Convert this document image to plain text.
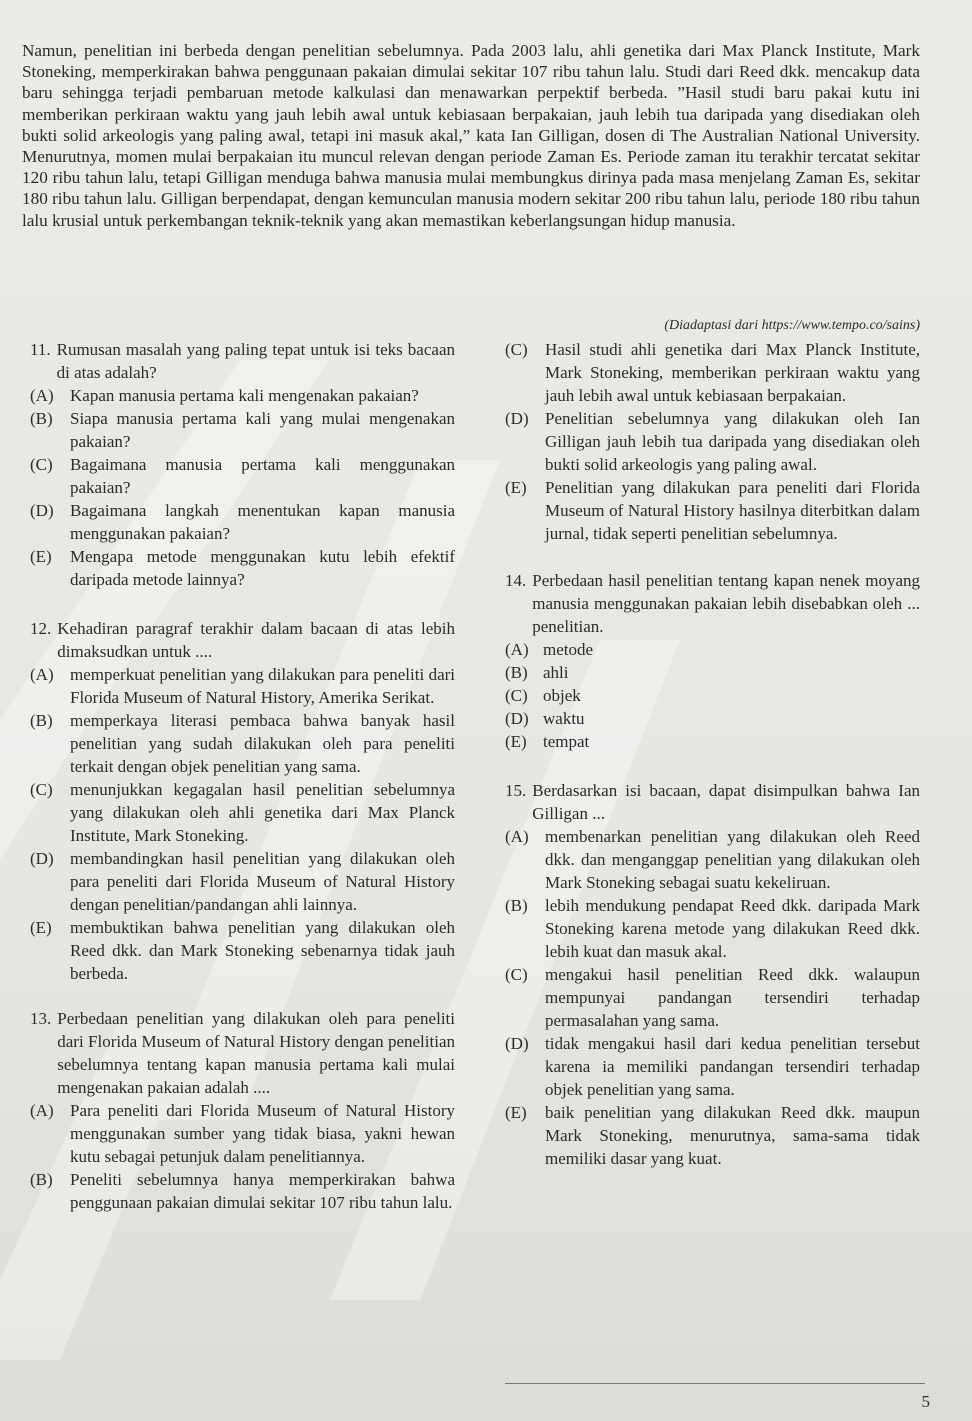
Namun, penelitian ini berbeda dengan penelitian sebelumnya. Pada 2003 lalu, ahli genetika dari Max Planck Institute, Mark Stoneking, memperkirakan bahwa penggunaan pakaian dimulai sekitar 107 ribu tahun lalu. Studi dari Reed dkk. mencakup data baru sehingga terjadi pembaruan metode kalkulasi dan menawarkan perpektif berbeda. ”Hasil studi baru pakai kutu ini memberikan perkiraan waktu yang jauh lebih awal untuk kebiasaan berpakaian, jauh lebih tua daripada yang disediakan oleh bukti solid arkeologis yang paling awal, tetapi ini masuk akal,” kata Ian Gilligan, dosen di The Australian National University. Menurutnya, momen mulai berpakaian itu muncul relevan dengan periode Zaman Es. Periode zaman itu terakhir tercatat sekitar 120 ribu tahun lalu, tetapi Gilligan menduga bahwa manusia mulai membungkus dirinya pada masa menjelang Zaman Es, sekitar 180 ribu tahun lalu. Gilligan berpendapat, dengan kemunculan manusia modern sekitar 200 ribu tahun lalu, periode 180 ribu tahun lalu krusial untuk perkembangan teknik-teknik yang akan memastikan keberlangsungan hidup manusia.

(Diadaptasi dari https://www.tempo.co/sains)
11. Rumusan masalah yang paling tepat untuk isi teks bacaan di atas adalah?
(A) Kapan manusia pertama kali mengenakan pakaian?
(B)	Siapa manusia pertama kali yang mulai mengenakan pakaian?
(C)	Bagaimana manusia pertama kali menggunakan pakaian?
(D) Bagaimana langkah menentukan kapan manusia menggunakan pakaian?
(E)	Mengapa metode menggunakan kutu lebih efektif daripada metode lainnya?
12. Kehadiran paragraf terakhir dalam bacaan di atas lebih dimaksudkan untuk ....
(A) memperkuat penelitian yang dilakukan para peneliti dari Florida Museum of Natural History, Amerika Serikat.
(B)	memperkaya literasi pembaca bahwa banyak hasil penelitian yang sudah dilakukan oleh para peneliti terkait dengan objek penelitian yang sama.
(C)	menunjukkan kegagalan hasil penelitian sebelumnya yang dilakukan oleh ahli genetika dari Max Planck Institute, Mark Stoneking.
(D) membandingkan hasil penelitian yang dilakukan oleh para peneliti dari Florida Museum of Natural History dengan penelitian/pandangan ahli lainnya.
(E)	membuktikan bahwa penelitian yang dilakukan oleh Reed dkk. dan Mark Stoneking sebenarnya tidak jauh berbeda.
13. Perbedaan penelitian yang dilakukan oleh para peneliti dari Florida Museum of Natural History dengan penelitian sebelumnya tentang kapan manusia pertama kali mulai mengenakan pakaian adalah ....
(A) Para peneliti dari Florida Museum of Natural History menggunakan sumber yang tidak biasa, yakni hewan kutu sebagai petunjuk dalam penelitiannya.
(B)	Peneliti sebelumnya hanya memperkirakan bahwa penggunaan pakaian dimulai sekitar 107 ribu tahun lalu.
(C)	Hasil studi ahli genetika dari Max Planck Institute, Mark Stoneking, memberikan perkiraan waktu yang jauh lebih awal untuk kebiasaan berpakaian.
(D) Penelitian sebelumnya yang dilakukan oleh Ian Gilligan jauh lebih tua daripada yang disediakan oleh bukti solid arkeologis yang paling awal.
(E)	Penelitian yang dilakukan para peneliti dari Florida Museum of Natural History hasilnya diterbitkan dalam jurnal, tidak seperti penelitian sebelumnya.
14. Perbedaan hasil penelitian tentang kapan nenek moyang manusia menggunakan pakaian lebih disebabkan oleh ... penelitian.
(A) metode
(B) ahli
(C) objek
(D) waktu
(E) tempat
15. Berdasarkan isi bacaan, dapat disimpulkan bahwa Ian Gilligan ...
(A) membenarkan penelitian yang dilakukan oleh Reed dkk. dan menganggap penelitian yang dilakukan oleh Mark Stoneking sebagai suatu kekeliruan.
(B)	lebih mendukung pendapat Reed dkk. daripada Mark Stoneking karena metode yang dilakukan Reed dkk. lebih kuat dan masuk akal.
(C)	mengakui hasil penelitian Reed dkk. walaupun mempunyai pandangan tersendiri terhadap permasalahan yang sama.
(D) tidak mengakui hasil dari kedua penelitian tersebut karena ia memiliki pandangan tersendiri terhadap objek penelitian yang sama.
(E)	baik penelitian yang dilakukan Reed dkk. maupun Mark Stoneking, menurutnya, sama-sama tidak memiliki dasar yang kuat.
5
